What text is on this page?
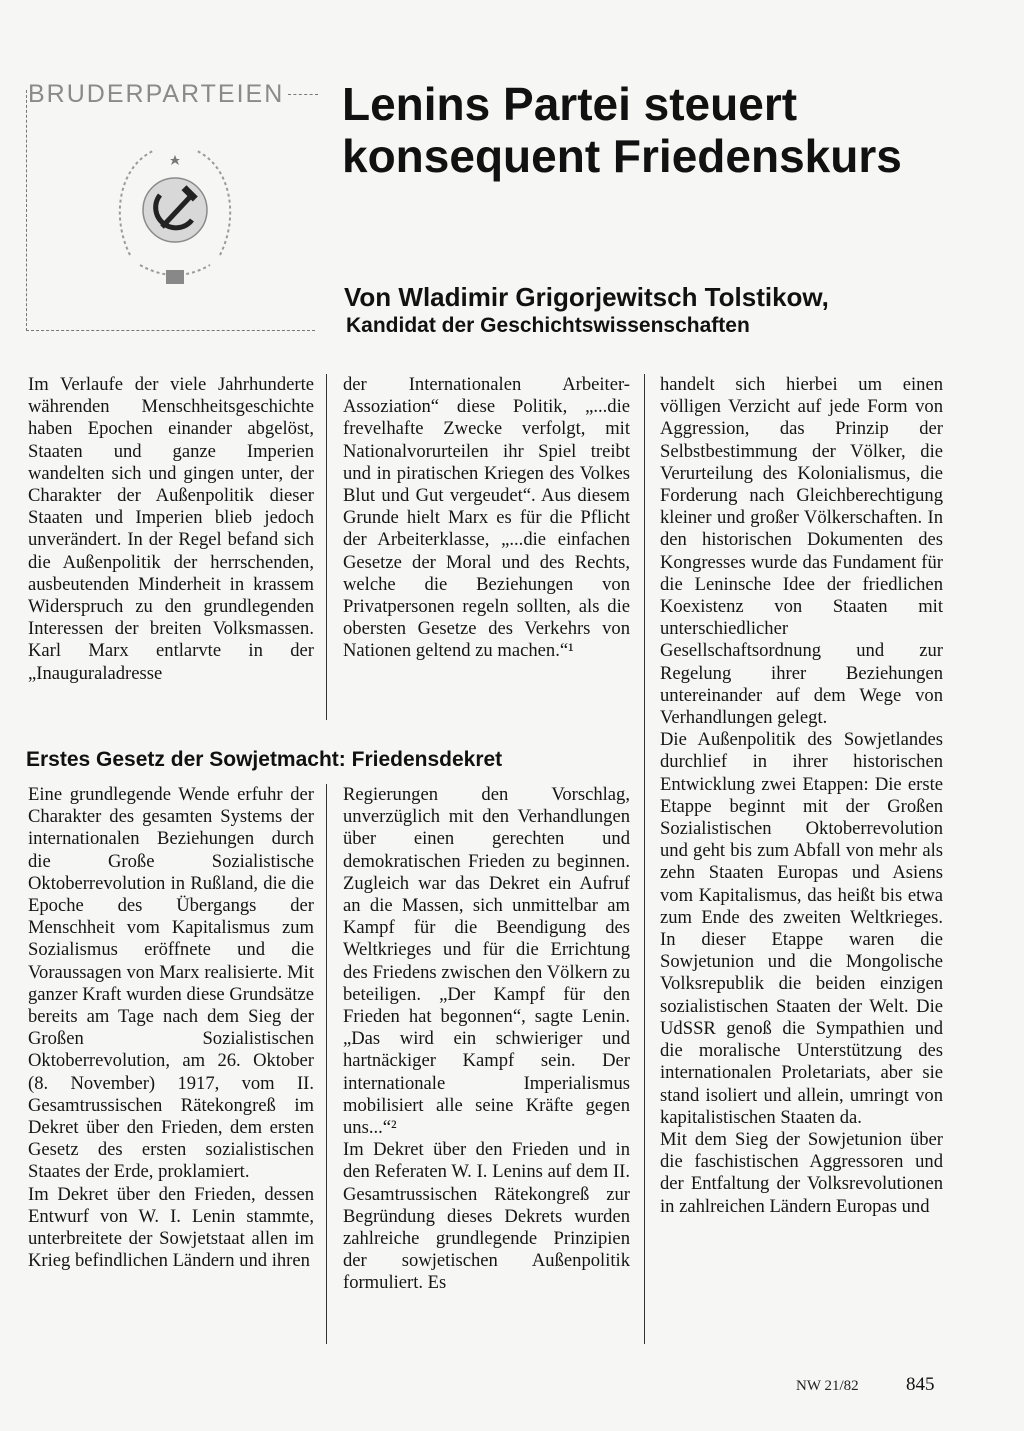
BRUDERPARTEIEN Lenins Partei steuert
konsequent Friedenskurs
Von Wladimir Grigorjewitsch Tolstikow,
Kandidat der Geschichtswissenschaften

Im Verlaufe der viele Jahrhunderte währenden Menschheitsgeschichte haben Epochen einander abgelöst, Staaten und ganze Imperien wandelten sich und gingen unter, der Charakter der Außenpolitik dieser Staaten und Imperien blieb jedoch unverändert. In der Regel befand sich die Außenpolitik der herrschenden, ausbeutenden Minderheit in krassem Widerspruch zu den grundlegenden Interessen der breiten Volksmassen. Karl Marx entlarvte in der „Inauguraladresse

der Internationalen Arbeiter-Assoziation“ diese Politik, „...die frevelhafte Zwecke verfolgt, mit Nationalvorurteilen ihr Spiel treibt und in piratischen Kriegen des Volkes Blut und Gut vergeudet“. Aus diesem Grunde hielt Marx es für die Pflicht der Arbeiterklasse, „...die einfachen Gesetze der Moral und des Rechts, welche die Beziehungen von Privatpersonen regeln sollten, als die obersten Gesetze des Verkehrs von Nationen geltend zu machen.“¹

Erstes Gesetz der Sowjetmacht: Friedensdekret

Eine grundlegende Wende erfuhr der Charakter des gesamten Systems der internationalen Beziehungen durch die Große Sozialistische Oktoberrevolution in Rußland, die die Epoche des Übergangs der Menschheit vom Kapitalismus zum Sozialismus eröffnete und die Voraussagen von Marx realisierte. Mit ganzer Kraft wurden diese Grundsätze bereits am Tage nach dem Sieg der Großen Sozialistischen Oktoberrevolution, am 26. Oktober (8. November) 1917, vom II. Gesamtrussischen Rätekongreß im Dekret über den Frieden, dem ersten Gesetz des ersten sozialistischen Staates der Erde, proklamiert.

Im Dekret über den Frieden, dessen Entwurf von W. I. Lenin stammte, unterbreitete der Sowjetstaat allen im Krieg befindlichen Ländern und ihren

Regierungen den Vorschlag, unverzüglich mit den Verhandlungen über einen gerechten und demokratischen Frieden zu beginnen. Zugleich war das Dekret ein Aufruf an die Massen, sich unmittelbar am Kampf für die Beendigung des Weltkrieges und für die Errichtung des Friedens zwischen den Völkern zu beteiligen. „Der Kampf für den Frieden hat begonnen“, sagte Lenin. „Das wird ein schwieriger und hartnäckiger Kampf sein. Der internationale Imperialismus mobilisiert alle seine Kräfte gegen uns...“²

Im Dekret über den Frieden und in den Referaten W. I. Lenins auf dem II. Gesamtrussischen Rätekongreß zur Begründung dieses Dekrets wurden zahlreiche grundlegende Prinzipien der sowjetischen Außenpolitik formuliert. Es

handelt sich hierbei um einen völligen Verzicht auf jede Form von Aggression, das Prinzip der Selbstbestimmung der Völker, die Verurteilung des Kolonialismus, die Forderung nach Gleichberechtigung kleiner und großer Völkerschaften. In den historischen Dokumenten des Kongresses wurde das Fundament für die Leninsche Idee der friedlichen Koexistenz von Staaten mit unterschiedlicher Gesellschaftsordnung und zur Regelung ihrer Beziehungen untereinander auf dem Wege von Verhandlungen gelegt.

Die Außenpolitik des Sowjetlandes durchlief in ihrer historischen Entwicklung zwei Etappen: Die erste Etappe beginnt mit der Großen Sozialistischen Oktoberrevolution und geht bis zum Abfall von mehr als zehn Staaten Europas und Asiens vom Kapitalismus, das heißt bis etwa zum Ende des zweiten Weltkrieges. In dieser Etappe waren die Sowjetunion und die Mongolische Volksrepublik die beiden einzigen sozialistischen Staaten der Welt. Die UdSSR genoß die Sympathien und die moralische Unterstützung des internationalen Proletariats, aber sie stand isoliert und allein, umringt von kapitalistischen Staaten da.

Mit dem Sieg der Sowjetunion über die faschistischen Aggressoren und der Entfaltung der Volksrevolutionen in zahlreichen Ländern Europas und

NW 21/82 845
